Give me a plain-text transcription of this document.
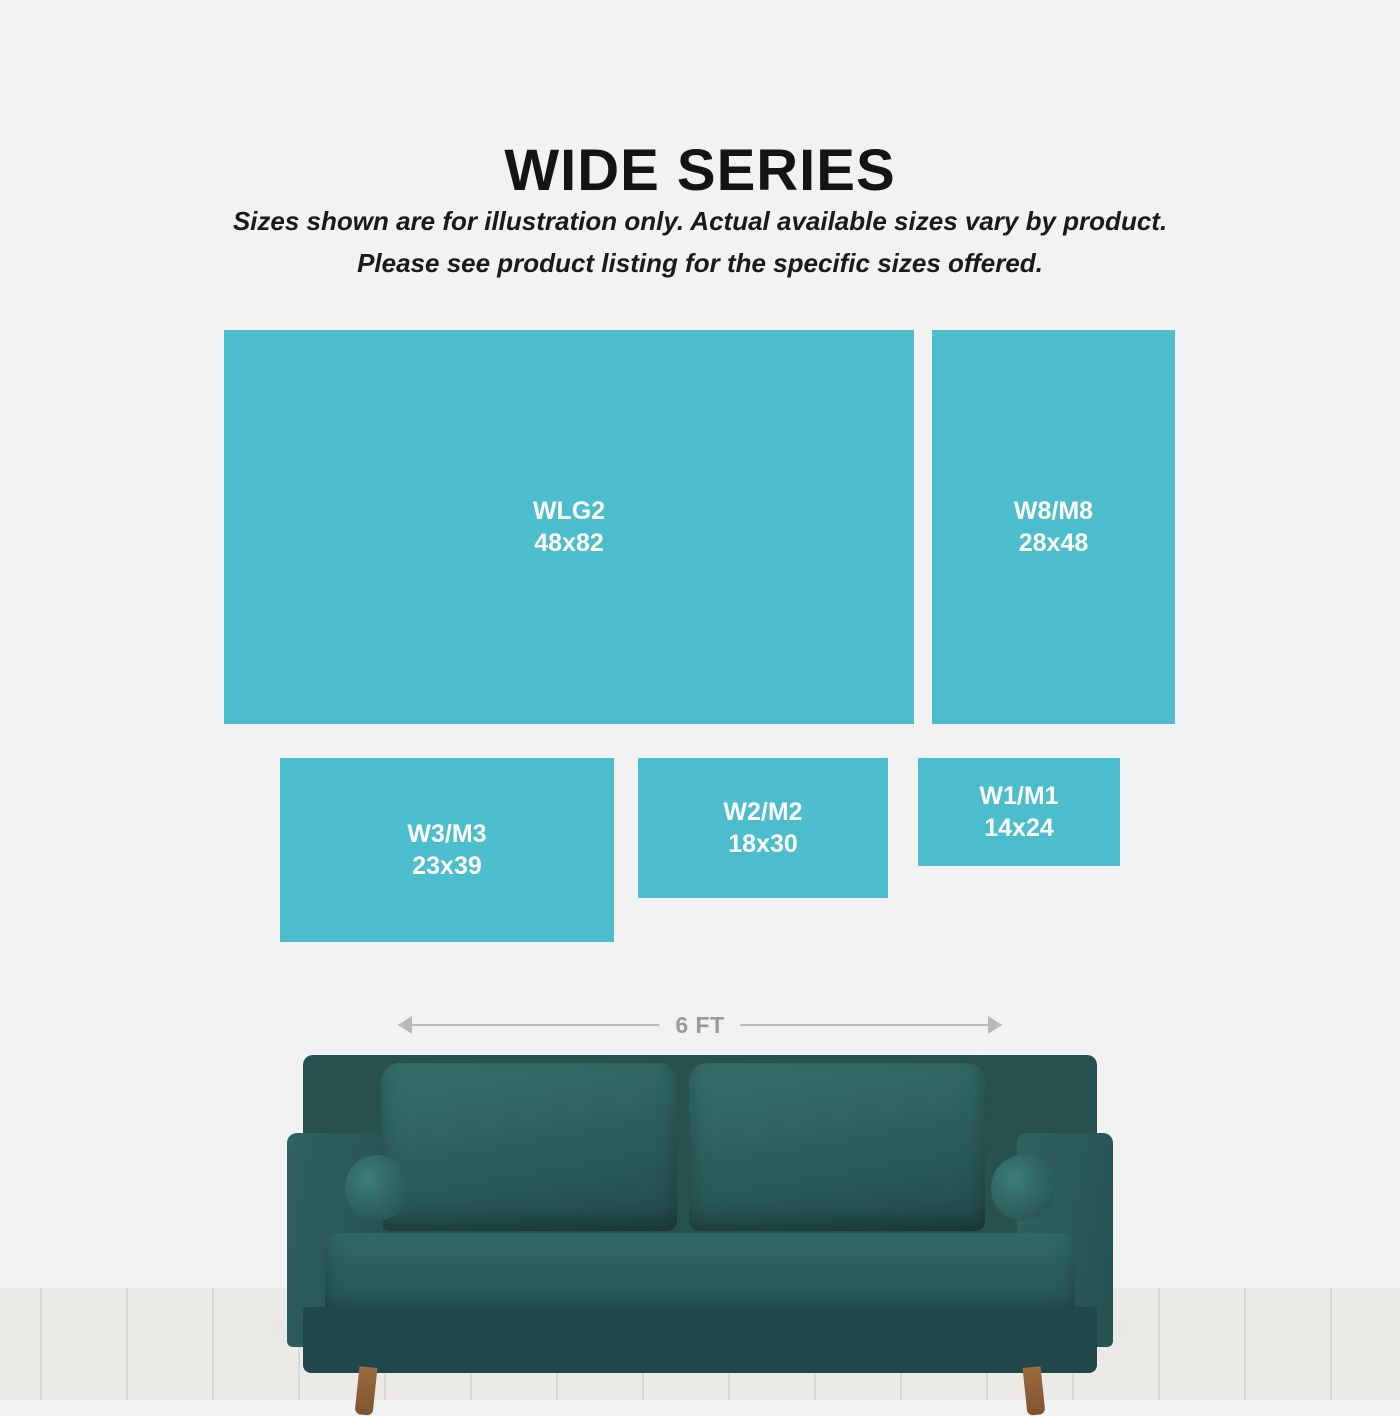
WIDE SERIES
Sizes shown are for illustration only. Actual available sizes vary by product.
Please see product listing for the specific sizes offered.
WLG2
48x82
W8/M8
28x48
W3/M3
23x39
W2/M2
18x30
W1/M1
14x24
6 FT
